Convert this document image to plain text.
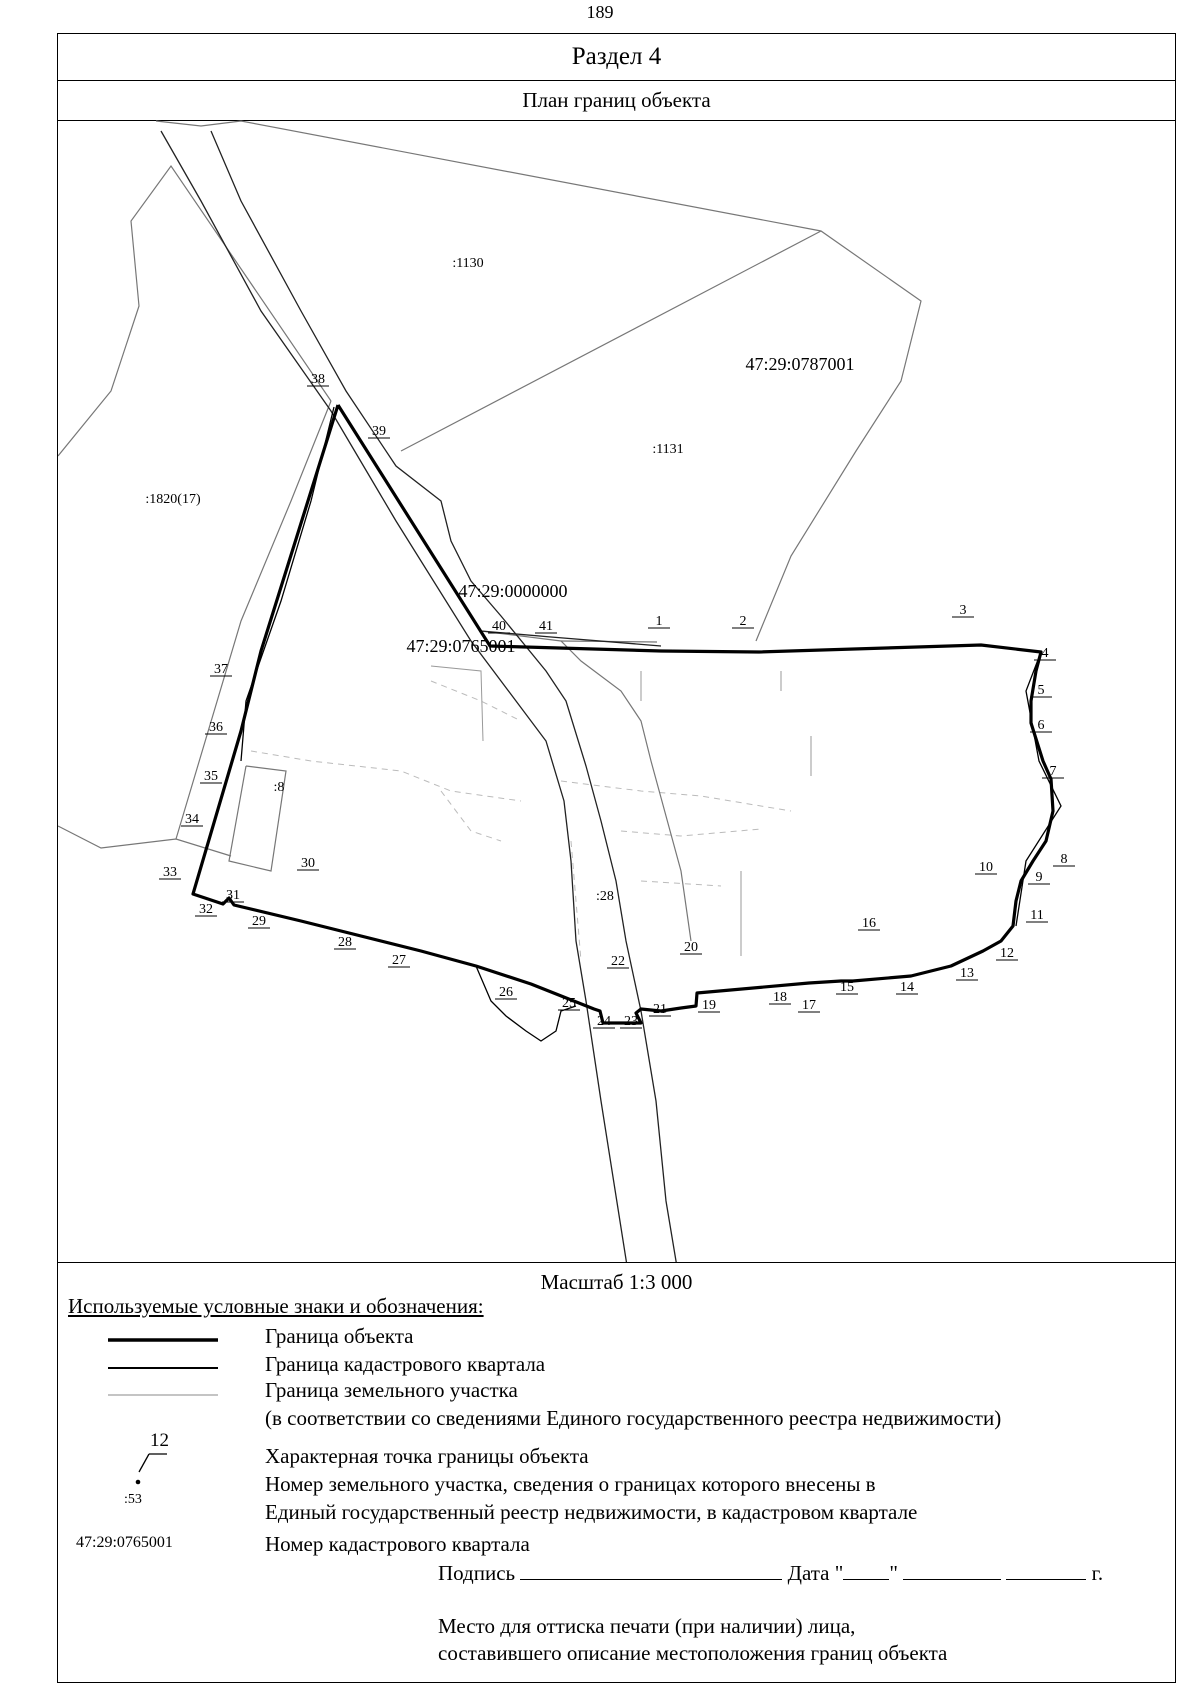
189
Раздел 4
План границ объекта
47:29:0787001
47:29:0000000
47:29:0765001
:1130
:1131
:1820(17)
:8
:28
1	2
3
4
5
6
7
8
9
10
11
12
13
14
15
16
17
18
19
20
21
22
23
24
25
26
27
28
29
30
31
32
33
34
35
36
37
38
39
40 41
Масштаб 1:3 000
Используемые условные знаки и обозначения:
Граница объекта
Граница кадастрового квартала
Граница земельного участка
(в соответствии со сведениями Единого государственного реестра недвижимости)
12
Характерная точка границы объекта
:53
Номер земельного участка, сведения о границах которого внесены в
Единый государственный реестр недвижимости, в кадастровом квартале
47:29:0765001	Номер кадастрового квартала
Подпись	Дата " "	г.
Место для оттиска печати (при наличии) лица,
составившего описание местоположения границ объекта
